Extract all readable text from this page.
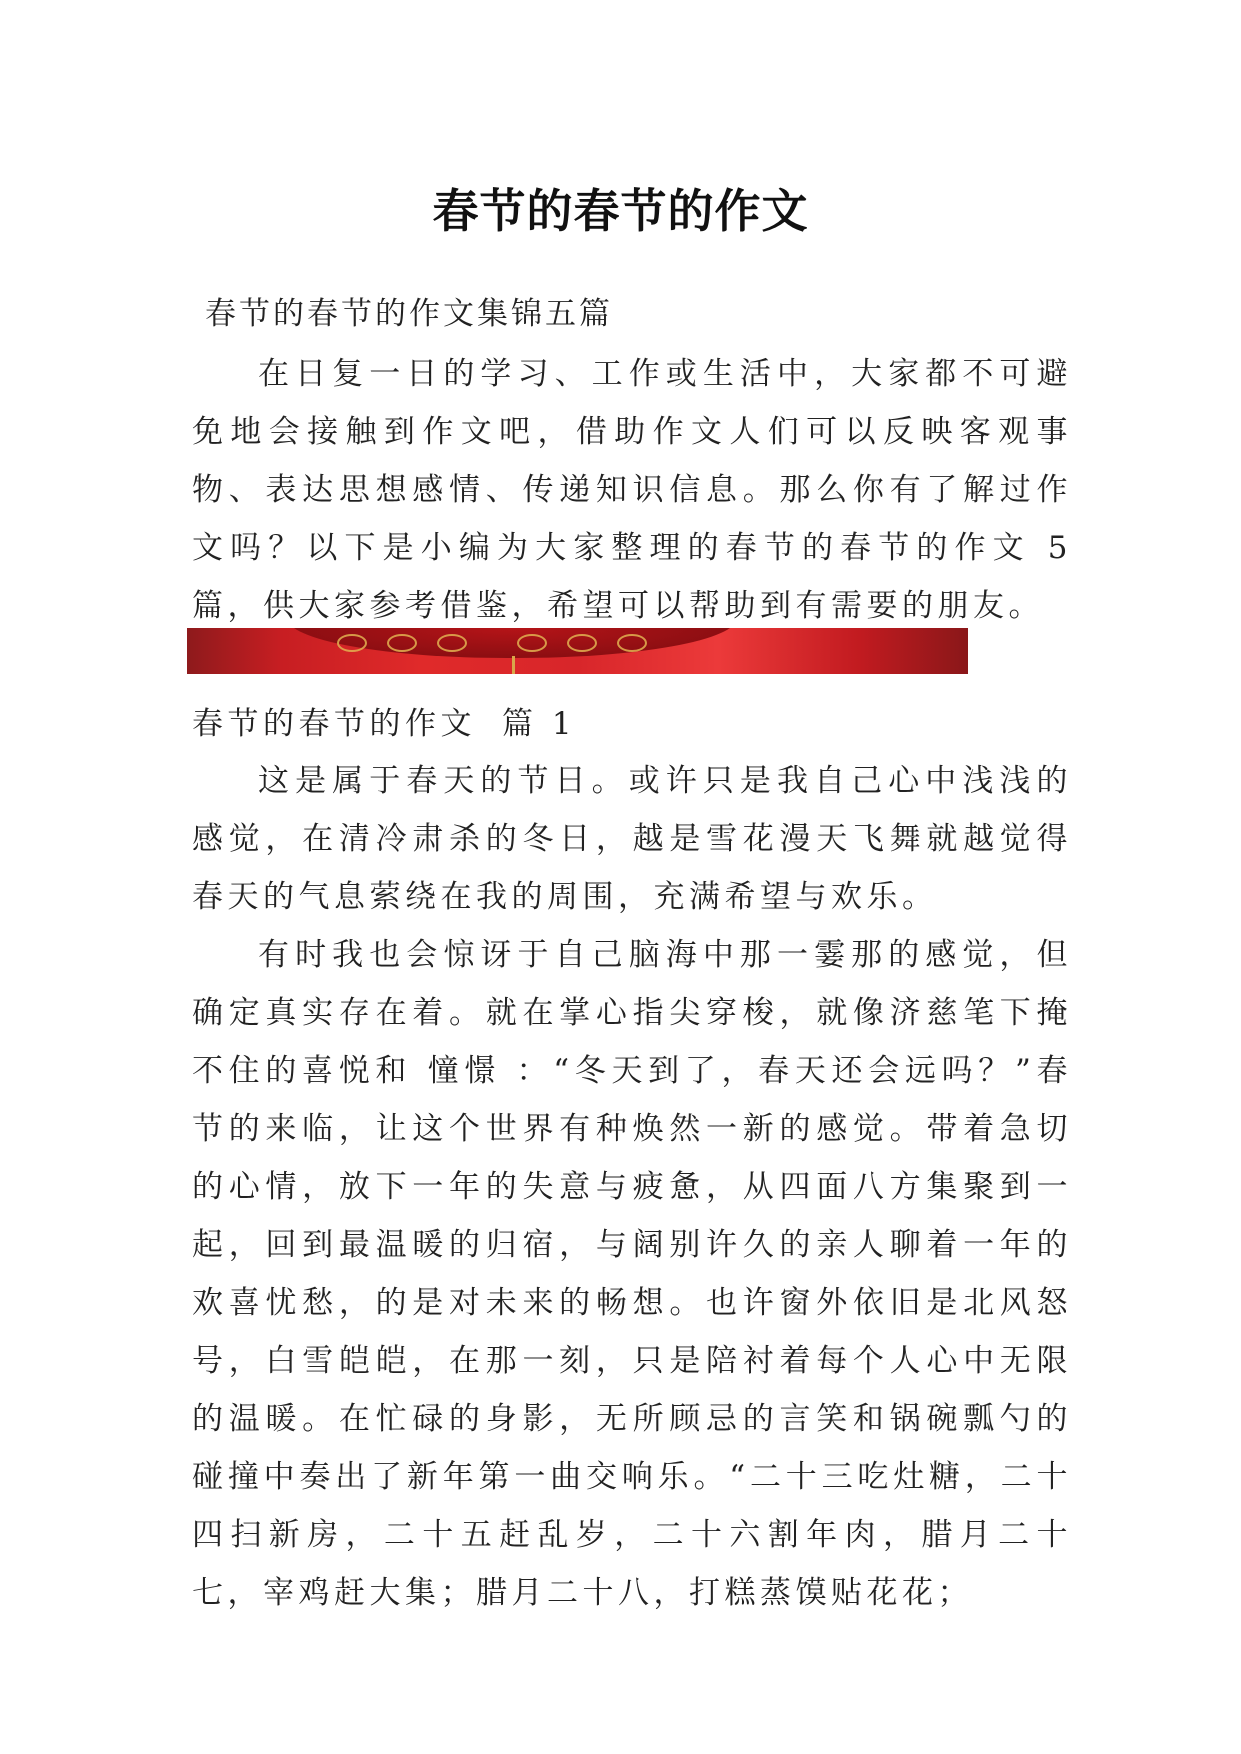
春节的春节的作文
春节的春节的作文集锦五篇

在日复一日的学习、工作或生活中，大家都不可避免地会接触到作文吧，借助作文人们可以反映客观事物、表达思想感情、传递知识信息。那么你有了解过作文吗？以下是小编为大家整理的春节的春节的作文 5 篇，供大家参考借鉴，希望可以帮助到有需要的朋友。

春节的春节的作文 篇 1

这是属于春天的节日。或许只是我自己心中浅浅的感觉，在清冷肃杀的冬日，越是雪花漫天飞舞就越觉得春天的气息萦绕在我的周围，充满希望与欢乐。

有时我也会惊讶于自己脑海中那一霎那的感觉，但确定真实存在着。就在掌心指尖穿梭，就像济慈笔下掩不住的喜悦和 憧憬 ：“冬天到了，春天还会远吗？”春节的来临，让这个世界有种焕然一新的感觉。带着急切的心情，放下一年的失意与疲惫，从四面八方集聚到一起，回到最温暖的归宿，与阔别许久的亲人聊着一年的欢喜忧愁，的是对未来的畅想。也许窗外依旧是北风怒号，白雪皑皑，在那一刻，只是陪衬着每个人心中无限的温暖。在忙碌的身影，无所顾忌的言笑和锅碗瓢勺的碰撞中奏出了新年第一曲交响乐。“二十三吃灶糖，二十四扫新房，二十五赶乱岁，二十六割年肉，腊月二十七，宰鸡赶大集；腊月二十八，打糕蒸馍贴花花；
